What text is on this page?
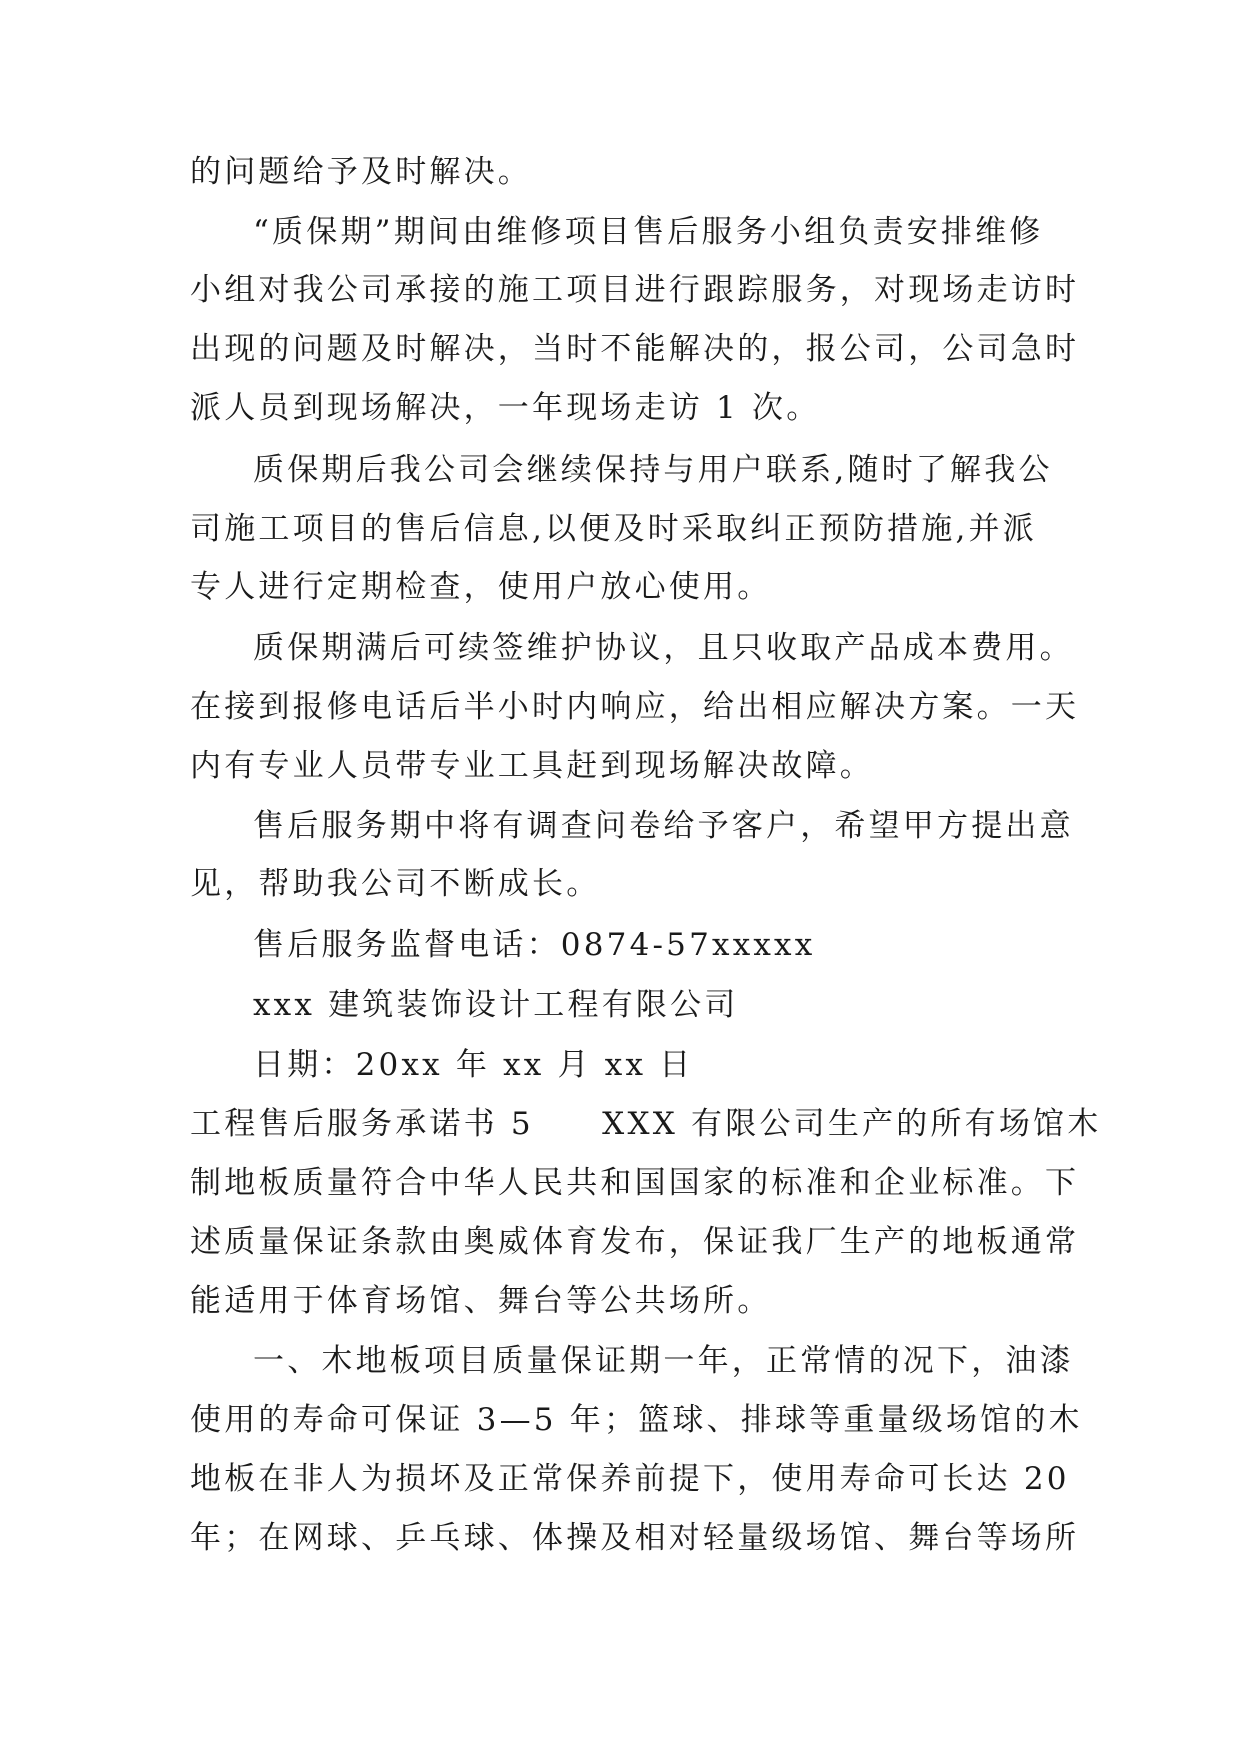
的问题给予及时解决。
“质保期”期间由维修项目售后服务小组负责安排维修
小组对我公司承接的施工项目进行跟踪服务，对现场走访时
出现的问题及时解决，当时不能解决的，报公司，公司急时
派人员到现场解决，一年现场走访 1 次。
质保期后我公司会继续保持与用户联系,随时了解我公
司施工项目的售后信息,以便及时采取纠正预防措施,并派
专人进行定期检查，使用户放心使用。
质保期满后可续签维护协议，且只收取产品成本费用。
在接到报修电话后半小时内响应，给出相应解决方案。一天
内有专业人员带专业工具赶到现场解决故障。
售后服务期中将有调查问卷给予客户，希望甲方提出意
见，帮助我公司不断成长。
售后服务监督电话：0874-57xxxxx
xxx 建筑装饰设计工程有限公司
日期：20xx 年 xx 月 xx 日
工程售后服务承诺书 5　　XXX 有限公司生产的所有场馆木
制地板质量符合中华人民共和国国家的标准和企业标准。下
述质量保证条款由奥威体育发布，保证我厂生产的地板通常
能适用于体育场馆、舞台等公共场所。
一、木地板项目质量保证期一年，正常情的况下，油漆
使用的寿命可保证 3—5 年；篮球、排球等重量级场馆的木
地板在非人为损坏及正常保养前提下，使用寿命可长达 20
年；在网球、乒乓球、体操及相对轻量级场馆、舞台等场所
